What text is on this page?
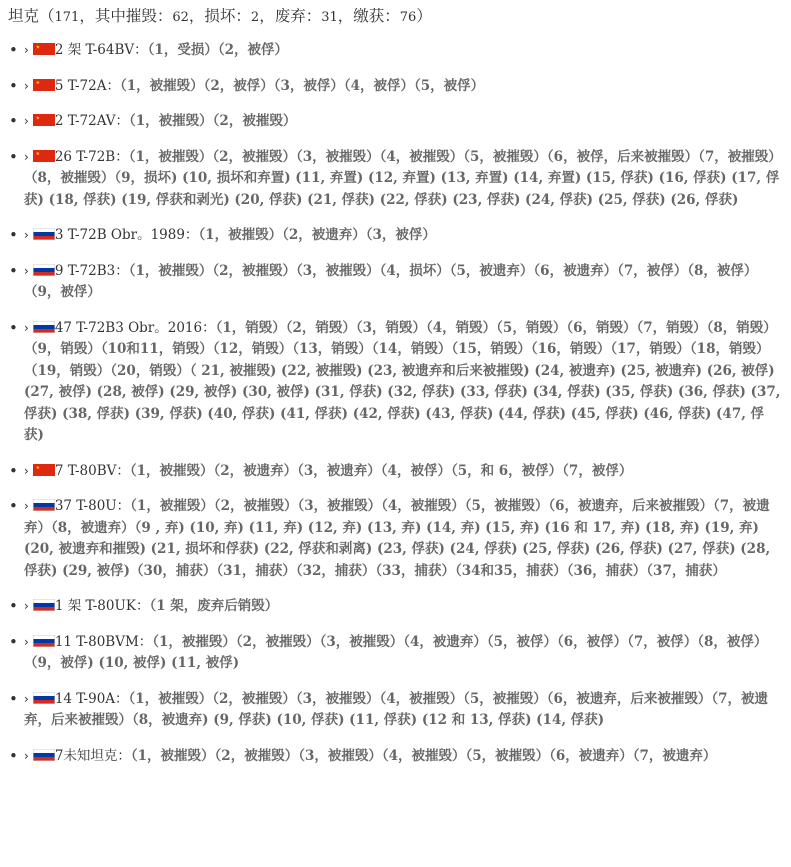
坦克（171，其中摧毁：62，损坏：2，废弃：31，缴获：76）
• › 2 架 T-64BV：（1，受损）（2，被俘）
• › 5 T-72A：（1，被摧毁）（2，被俘）（3，被俘）（4，被俘）（5，被俘）
• › 2 T-72AV：（1，被摧毁）（2，被摧毁）
• › 26 T-72B：（1，被摧毁）（2，被摧毁）（3，被摧毁）（4，被摧毁）（5，被摧毁）（6，被俘，后来被摧毁）（7，被摧毁）（8，被摧毁）（9，损坏) (10, 损坏和弃置) (11, 弃置) (12, 弃置) (13, 弃置) (14, 弃置) (15, 俘获) (16, 俘获) (17, 俘获) (18, 俘获) (19, 俘获和剥光) (20, 俘获) (21, 俘获) (22, 俘获) (23, 俘获) (24, 俘获) (25, 俘获) (26, 俘获)
• › 3 T-72B Obr。1989：（1，被摧毁）（2，被遗弃）（3，被俘）
• › 9 T-72B3：（1，被摧毁）（2，被摧毁）（3，被摧毁）（4，损坏）（5，被遗弃）（6，被遗弃）（7，被俘）（8，被俘）（9，被俘）
• › 47 T-72B3 Obr。2016：（1，销毁）（2，销毁）（3，销毁）（4，销毁）（5，销毁）（6，销毁）（7，销毁）（8，销毁）（9，销毁）（10和11，销毁）（12，销毁）（13，销毁）（14，销毁）（15，销毁）（16，销毁）（17，销毁）（18，销毁）（19，销毁）（20，销毁）（ 21, 被摧毁) (22, 被摧毁) (23, 被遗弃和后来被摧毁) (24, 被遗弃) (25, 被遗弃) (26, 被俘) (27, 被俘) (28, 被俘) (29, 被俘) (30, 被俘) (31, 俘获) (32, 俘获) (33, 俘获) (34, 俘获) (35, 俘获) (36, 俘获) (37, 俘获) (38, 俘获) (39, 俘获) (40, 俘获) (41, 俘获) (42, 俘获) (43, 俘获) (44, 俘获) (45, 俘获) (46, 俘获) (47, 俘获)
• › 7 T-80BV：（1，被摧毁）（2，被遗弃）（3，被遗弃）（4，被俘）（5，和 6，被俘）（7，被俘）
• › 37 T-80U：（1，被摧毁）（2，被摧毁）（3，被摧毁）（4，被摧毁）（5，被摧毁）（6，被遗弃，后来被摧毁）（7，被遗弃）（8，被遗弃）（9 , 弃) (10, 弃) (11, 弃) (12, 弃) (13, 弃) (14, 弃) (15, 弃) (16 和 17, 弃) (18, 弃) (19, 弃) (20, 被遗弃和摧毁) (21, 损坏和俘获) (22, 俘获和剥离) (23, 俘获) (24, 俘获) (25, 俘获) (26, 俘获) (27, 俘获) (28, 俘获) (29, 被俘)（30，捕获）（31，捕获）（32，捕获）（33，捕获）（34和35，捕获）（36，捕获）（37，捕获）
• › 1 架 T-80UK：（1 架，废弃后销毁）
• › 11 T-80BVM：（1，被摧毁）（2，被摧毁）（3，被摧毁）（4，被遗弃）（5，被俘）（6，被俘）（7，被俘）（8，被俘）（9，被俘) (10, 被俘) (11, 被俘)
• › 14 T-90A：（1，被摧毁）（2，被摧毁）（3，被摧毁）（4，被摧毁）（5，被摧毁）（6，被遗弃，后来被摧毁）（7，被遗弃，后来被摧毁）（8，被遗弃) (9, 俘获) (10, 俘获) (11, 俘获) (12 和 13, 俘获) (14, 俘获)
• › 7未知坦克：（1，被摧毁）（2，被摧毁）（3，被摧毁）（4，被摧毁）（5，被摧毁）（6，被遗弃）（7，被遗弃）
